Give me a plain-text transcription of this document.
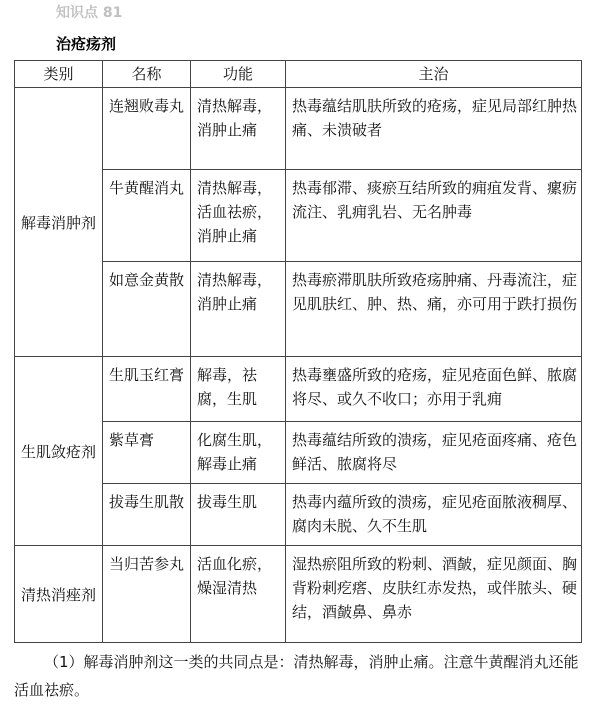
知识点 81
治疮疡剂
类别	名称	功能	主治
解毒消肿剂	连翘败毒丸	清热解毒，消肿止痛	热毒蕴结肌肤所致的疮疡，症见局部红肿热痛、未溃破者
	牛黄醒消丸	清热解毒，活血祛瘀，消肿止痛	热毒郁滞、痰瘀互结所致的痈疽发背、瘰疬流注、乳痈乳岩、无名肿毒
	如意金黄散	清热解毒，消肿止痛	热毒瘀滞肌肤所致疮疡肿痛、丹毒流注，症见肌肤红、肿、热、痛，亦可用于跌打损伤
生肌敛疮剂	生肌玉红膏	解毒，祛腐，生肌	热毒壅盛所致的疮疡，症见疮面色鲜、脓腐将尽、或久不收口；亦用于乳痈
	紫草膏	化腐生肌，解毒止痛	热毒蕴结所致的溃疡，症见疮面疼痛、疮色鲜活、脓腐将尽
	拔毒生肌散	拔毒生肌	热毒内蕴所致的溃疡，症见疮面脓液稠厚、腐肉未脱、久不生肌
清热消痤剂	当归苦参丸	活血化瘀，燥湿清热	湿热瘀阻所致的粉刺、酒皶，症见颜面、胸背粉刺疙瘩、皮肤红赤发热，或伴脓头、硬结，酒皶鼻、鼻赤

（1）解毒消肿剂这一类的共同点是：清热解毒，消肿止痛。注意牛黄醒消丸还能活血祛瘀。
